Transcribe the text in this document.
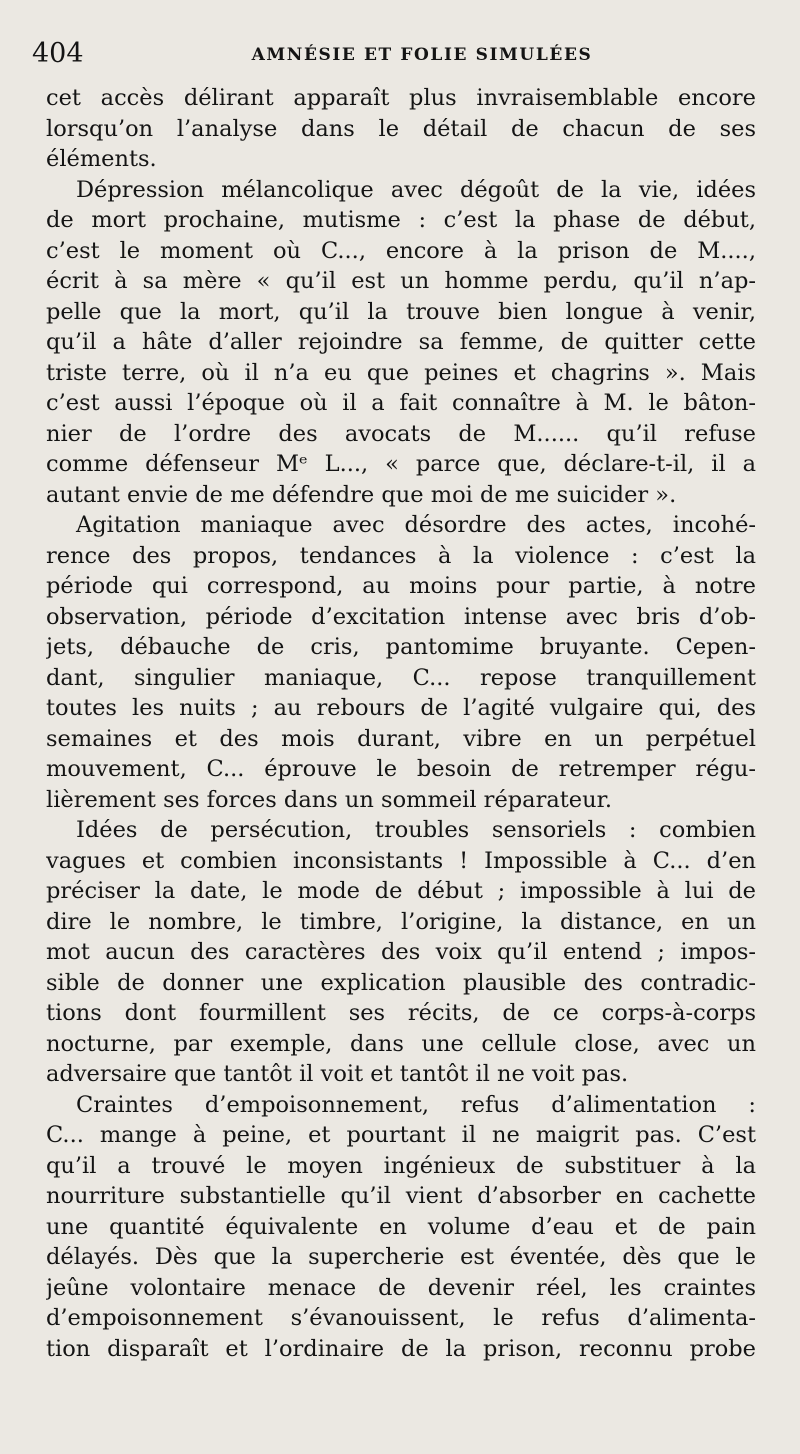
404	AMNÉSIE ET FOLIE SIMULÉES
cet accès délirant apparaît plus invraisemblable encore
lorsqu’on l’analyse dans le détail de chacun de ses
éléments.
Dépression mélancolique avec dégoût de la vie, idées
de mort prochaine, mutisme : c’est la phase de début,
c’est le moment où C..., encore à la prison de M....,
écrit à sa mère « qu’il est un homme perdu, qu’il n’ap-
pelle que la mort, qu’il la trouve bien longue à venir,
qu’il a hâte d’aller rejoindre sa femme, de quitter cette
triste terre, où il n’a eu que peines et chagrins ». Mais
c’est aussi l’époque où il a fait connaître à M. le bâton-
nier de l’ordre des avocats de M...... qu’il refuse
comme défenseur Mᵉ L..., « parce que, déclare-t-il, il a
autant envie de me défendre que moi de me suicider ».
Agitation maniaque avec désordre des actes, incohé-
rence des propos, tendances à la violence : c’est la
période qui correspond, au moins pour partie, à notre
observation, période d’excitation intense avec bris d’ob-
jets, débauche de cris, pantomime bruyante. Cepen-
dant, singulier maniaque, C... repose tranquillement
toutes les nuits ; au rebours de l’agité vulgaire qui, des
semaines et des mois durant, vibre en un perpétuel
mouvement, C... éprouve le besoin de retremper régu-
lièrement ses forces dans un sommeil réparateur.
Idées de persécution, troubles sensoriels : combien
vagues et combien inconsistants ! Impossible à C... d’en
préciser la date, le mode de début ; impossible à lui de
dire le nombre, le timbre, l’origine, la distance, en un
mot aucun des caractères des voix qu’il entend ; impos-
sible de donner une explication plausible des contradic-
tions dont fourmillent ses récits, de ce corps-à-corps
nocturne, par exemple, dans une cellule close, avec un
adversaire que tantôt il voit et tantôt il ne voit pas.
Craintes d’empoisonnement, refus d’alimentation :
C... mange à peine, et pourtant il ne maigrit pas. C’est
qu’il a trouvé le moyen ingénieux de substituer à la
nourriture substantielle qu’il vient d’absorber en cachette
une quantité équivalente en volume d’eau et de pain
délayés. Dès que la supercherie est éventée, dès que le
jeûne volontaire menace de devenir réel, les craintes
d’empoisonnement s’évanouissent, le refus d’alimenta-
tion disparaît et l’ordinaire de la prison, reconnu probe
